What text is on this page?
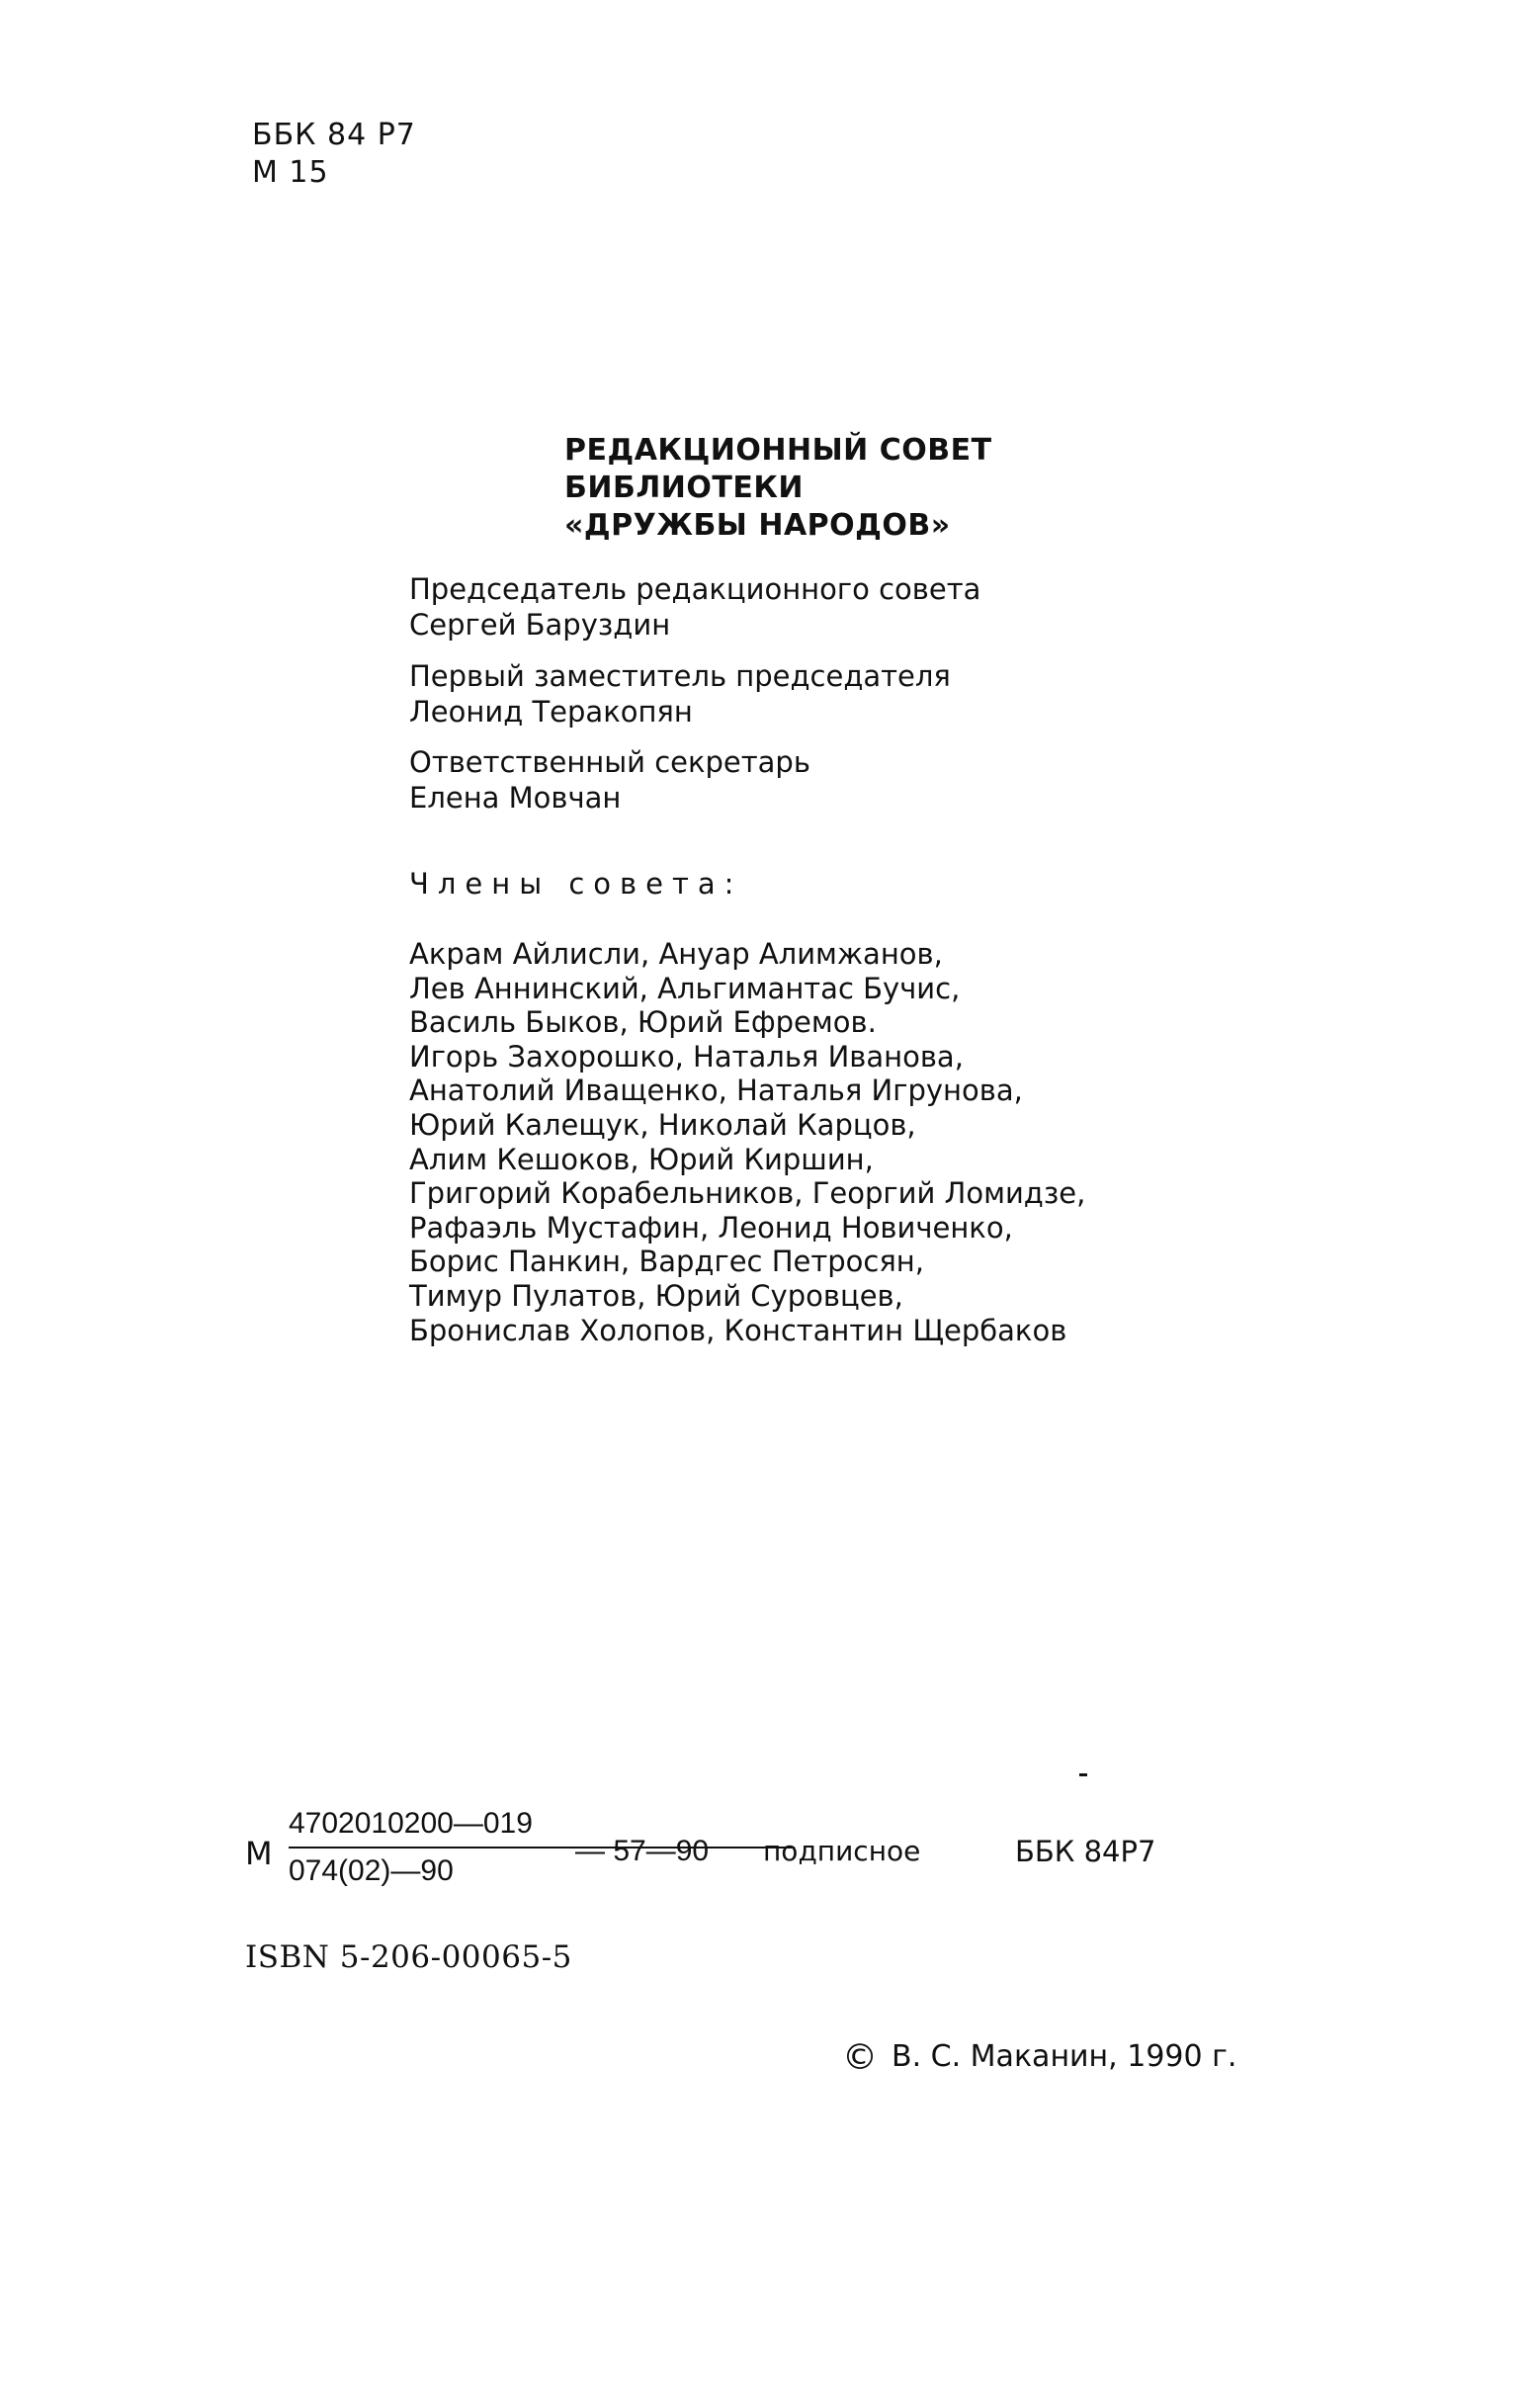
ББК 84 Р7
М 15
РЕДАКЦИОННЫЙ СОВЕТ
БИБЛИОТЕКИ
«ДРУЖБЫ НАРОДОВ»
Председатель редакционного совета
Сергей Баруздин
Первый заместитель председателя
Леонид Теракопян
Ответственный секретарь
Елена Мовчан
Члены совета:
Акрам Айлисли, Ануар Алимжанов,
Лев Аннинский, Альгимантас Бучис,
Василь Быков, Юрий Ефремов.
Игорь Захорошко, Наталья Иванова,
Анатолий Иващенко, Наталья Игрунова,
Юрий Калещук, Николай Карцов,
Алим Кешоков, Юрий Киршин,
Григорий Корабельников, Георгий Ломидзе,
Рафаэль Мустафин, Леонид Новиченко,
Борис Панкин, Вардгес Петросян,
Тимур Пулатов, Юрий Суровцев,
Бронислав Холопов, Константин Щербаков
М
4702010200—019
074(02)—90
— 57—90 подписное	ББК 84Р7
ISBN 5-206-00065-5
© В. С. Маканин, 1990 г.
